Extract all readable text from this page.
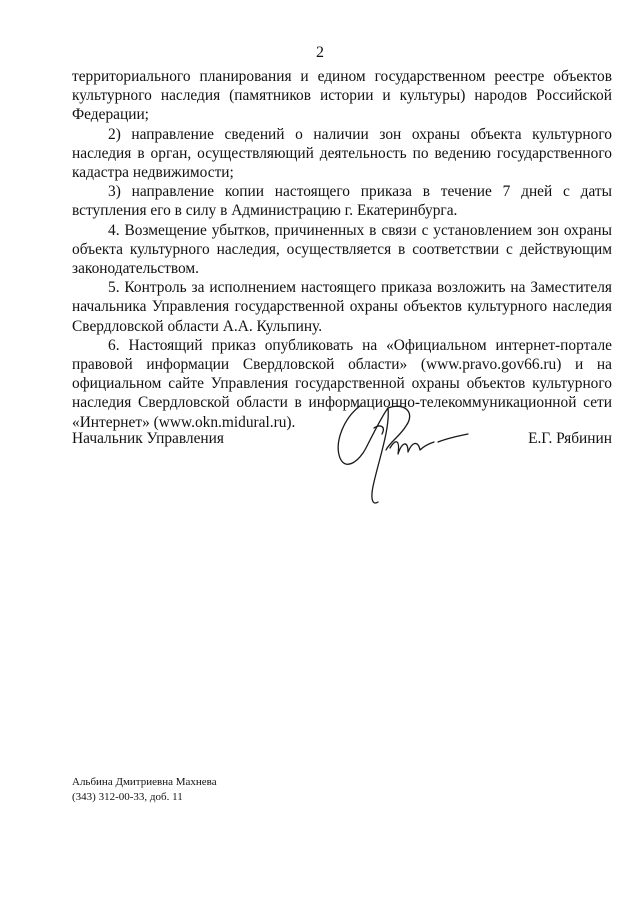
2

территориального планирования и едином государственном реестре объектов культурного наследия (памятников истории и культуры) народов Российской Федерации;

2) направление сведений о наличии зон охраны объекта культурного наследия в орган, осуществляющий деятельность по ведению государственного кадастра недвижимости;

3) направление копии настоящего приказа в течение 7 дней с даты вступления его в силу в Администрацию г. Екатеринбурга.

4. Возмещение убытков, причиненных в связи с установлением зон охраны объекта культурного наследия, осуществляется в соответствии с действующим законодательством.

5. Контроль за исполнением настоящего приказа возложить на Заместителя начальника Управления государственной охраны объектов культурного наследия Свердловской области А.А. Кульпину.

6. Настоящий приказ опубликовать на «Официальном интернет-портале правовой информации Свердловской области» (www.pravo.gov66.ru) и на официальном сайте Управления государственной охраны объектов культурного наследия Свердловской области в информационно-телекоммуникационной сети «Интернет» (www.okn.midural.ru).

Начальник Управления	Е.Г. Рябинин
Альбина Дмитриевна Махнева
(343) 312-00-33, доб. 11
